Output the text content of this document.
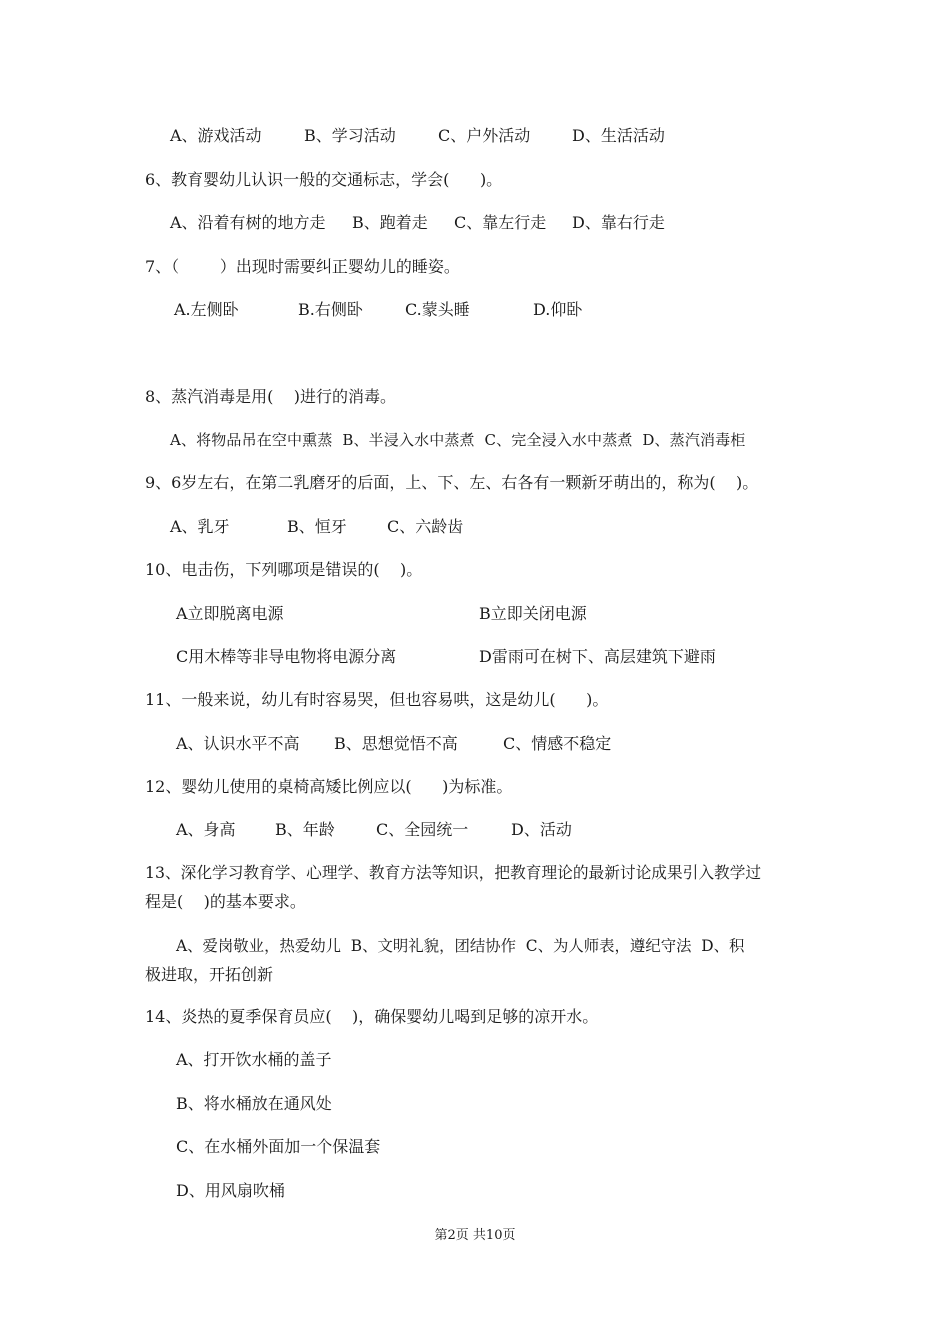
A、游戏活动	B、学习活动	C、户外活动	D、生活活动
6、教育婴幼儿认识一般的交通标志，学会(      )。
A、沿着有树的地方走 B、跑着走 C、靠左行走 D、靠右行走
7、（        ）出现时需要纠正婴幼儿的睡姿。
A.左侧卧	B.右侧卧	C.蒙头睡	D.仰卧
8、蒸汽消毒是用(    )进行的消毒。
A、将物品吊在空中熏蒸  B、半浸入水中蒸煮  C、完全浸入水中蒸煮  D、蒸汽消毒柜
9、6岁左右，在第二乳磨牙的后面，上、下、左、右各有一颗新牙萌出的，称为(    )。
A、乳牙	B、恒牙	C、六龄齿
10、电击伤，下列哪项是错误的(    )。
A立即脱离电源	B立即关闭电源
C用木棒等非导电物将电源分离	D雷雨可在树下、高层建筑下避雨
11、一般来说，幼儿有时容易哭，但也容易哄，这是幼儿(      )。
A、认识水平不高 B、思想觉悟不高	C、情感不稳定
12、婴幼儿使用的桌椅高矮比例应以(      )为标准。
A、身高 B、年龄	C、全园统一	D、活动
13、深化学习教育学、心理学、教育方法等知识，把教育理论的最新讨论成果引入教学过
程是(    )的基本要求。
A、爱岗敬业，热爱幼儿  B、文明礼貌，团结协作  C、为人师表，遵纪守法  D、积
极进取，开拓创新
14、炎热的夏季保育员应(    )，确保婴幼儿喝到足够的凉开水。
A、打开饮水桶的盖子
B、将水桶放在通风处
C、在水桶外面加一个保温套
D、用风扇吹桶
第2页 共10页
